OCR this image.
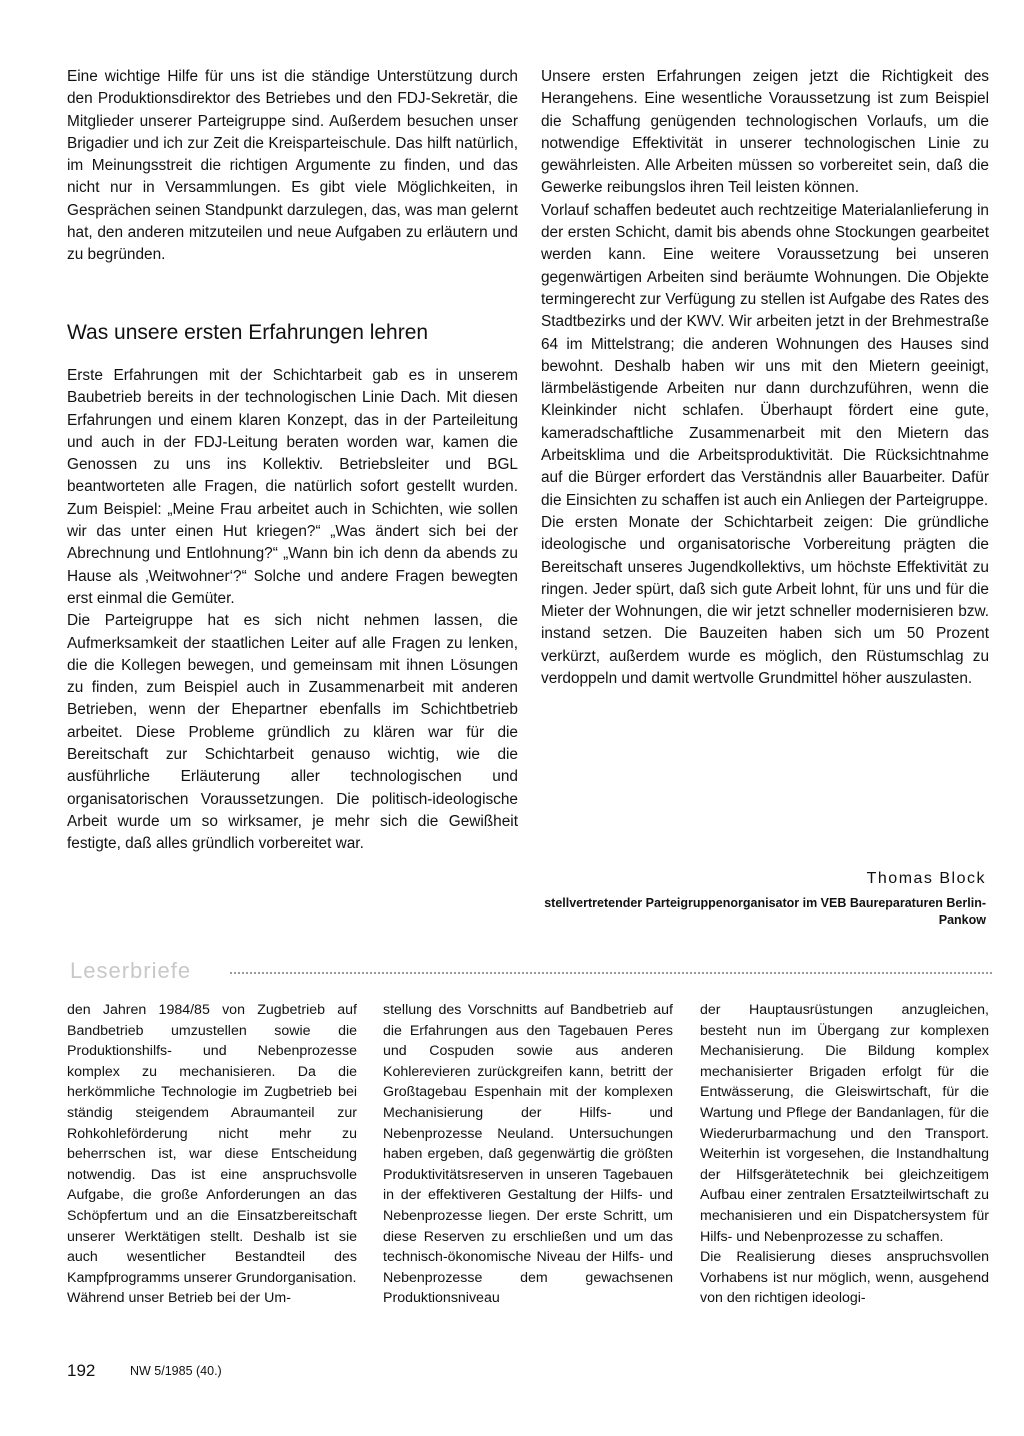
Eine wichtige Hilfe für uns ist die ständige Unterstützung durch den Produktionsdirektor des Betriebes und den FDJ-Sekretär, die Mitglieder unserer Parteigruppe sind. Außerdem besuchen unser Brigadier und ich zur Zeit die Kreisparteischule. Das hilft natürlich, im Meinungsstreit die richtigen Argumente zu finden, und das nicht nur in Versammlungen. Es gibt viele Möglichkeiten, in Gesprächen seinen Standpunkt darzulegen, das, was man gelernt hat, den anderen mitzuteilen und neue Aufgaben zu erläutern und zu begründen.

Was unsere ersten Erfahrungen lehren

Erste Erfahrungen mit der Schichtarbeit gab es in unserem Baubetrieb bereits in der technologischen Linie Dach. Mit diesen Erfahrungen und einem klaren Konzept, das in der Parteileitung und auch in der FDJ-Leitung beraten worden war, kamen die Genossen zu uns ins Kollektiv. Betriebsleiter und BGL beantworteten alle Fragen, die natürlich sofort gestellt wurden. Zum Beispiel: „Meine Frau arbeitet auch in Schichten, wie sollen wir das unter einen Hut kriegen?“ „Was ändert sich bei der Abrechnung und Entlohnung?“ „Wann bin ich denn da abends zu Hause als ‚Weitwohner‘?“ Solche und andere Fragen bewegten erst einmal die Gemüter.

Die Parteigruppe hat es sich nicht nehmen lassen, die Aufmerksamkeit der staatlichen Leiter auf alle Fragen zu lenken, die die Kollegen bewegen, und gemeinsam mit ihnen Lösungen zu finden, zum Beispiel auch in Zusammenarbeit mit anderen Betrieben, wenn der Ehepartner ebenfalls im Schichtbetrieb arbeitet. Diese Probleme gründlich zu klären war für die Bereitschaft zur Schichtarbeit genauso wichtig, wie die ausführliche Erläuterung aller technologischen und organisatorischen Voraussetzungen. Die politisch-ideologische Arbeit wurde um so wirksamer, je mehr sich die Gewißheit festigte, daß alles gründlich vorbereitet war.

Unsere ersten Erfahrungen zeigen jetzt die Richtigkeit des Herangehens. Eine wesentliche Voraussetzung ist zum Beispiel die Schaffung genügenden technologischen Vorlaufs, um die notwendige Effektivität in unserer technologischen Linie zu gewährleisten. Alle Arbeiten müssen so vorbereitet sein, daß die Gewerke reibungslos ihren Teil leisten können.

Vorlauf schaffen bedeutet auch rechtzeitige Materialanlieferung in der ersten Schicht, damit bis abends ohne Stockungen gearbeitet werden kann. Eine weitere Voraussetzung bei unseren gegenwärtigen Arbeiten sind beräumte Wohnungen. Die Objekte termingerecht zur Verfügung zu stellen ist Aufgabe des Rates des Stadtbezirks und der KWV. Wir arbeiten jetzt in der Brehmestraße 64 im Mittelstrang; die anderen Wohnungen des Hauses sind bewohnt. Deshalb haben wir uns mit den Mietern geeinigt, lärmbelästigende Arbeiten nur dann durchzuführen, wenn die Kleinkinder nicht schlafen. Überhaupt fördert eine gute, kameradschaftliche Zusammenarbeit mit den Mietern das Arbeitsklima und die Arbeitsproduktivität. Die Rücksichtnahme auf die Bürger erfordert das Verständnis aller Bauarbeiter. Dafür die Einsichten zu schaffen ist auch ein Anliegen der Parteigruppe.

Die ersten Monate der Schichtarbeit zeigen: Die gründliche ideologische und organisatorische Vorbereitung prägten die Bereitschaft unseres Jugendkollektivs, um höchste Effektivität zu ringen. Jeder spürt, daß sich gute Arbeit lohnt, für uns und für die Mieter der Wohnungen, die wir jetzt schneller modernisieren bzw. instand setzen. Die Bauzeiten haben sich um 50 Prozent verkürzt, außerdem wurde es möglich, den Rüstumschlag zu verdoppeln und damit wertvolle Grundmittel höher auszulasten.

Thomas Block
stellvertretender Parteigruppenorganisator im VEB Baureparaturen Berlin-Pankow
Leserbriefe

den Jahren 1984/85 von Zugbetrieb auf Bandbetrieb umzustellen sowie die Produktionshilfs- und Nebenprozesse komplex zu mechanisieren. Da die herkömmliche Technologie im Zugbetrieb bei ständig steigendem Abraumanteil zur Rohkohleförderung nicht mehr zu beherrschen ist, war diese Entscheidung notwendig. Das ist eine anspruchsvolle Aufgabe, die große Anforderungen an das Schöpfertum und an die Einsatzbereitschaft unserer Werktätigen stellt. Deshalb ist sie auch wesentlicher Bestandteil des Kampfprogramms unserer Grundorganisation.

Während unser Betrieb bei der Um-

stellung des Vorschnitts auf Bandbetrieb auf die Erfahrungen aus den Tagebauen Peres und Cospuden sowie aus anderen Kohlerevieren zurückgreifen kann, betritt der Großtagebau Espenhain mit der komplexen Mechanisierung der Hilfs- und Nebenprozesse Neuland. Untersuchungen haben ergeben, daß gegenwärtig die größten Produktivitätsreserven in unseren Tagebauen in der effektiveren Gestaltung der Hilfs- und Nebenprozesse liegen. Der erste Schritt, um diese Reserven zu erschließen und um das technisch-ökonomische Niveau der Hilfs- und Nebenprozesse dem gewachsenen Produktionsniveau

der Hauptausrüstungen anzugleichen, besteht nun im Übergang zur komplexen Mechanisierung. Die Bildung komplex mechanisierter Brigaden erfolgt für die Entwässerung, die Gleiswirtschaft, für die Wartung und Pflege der Bandanlagen, für die Wiederurbarmachung und den Transport. Weiterhin ist vorgesehen, die Instandhaltung der Hilfsgerätetechnik bei gleichzeitigem Aufbau einer zentralen Ersatzteilwirtschaft zu mechanisieren und ein Dispatchersystem für Hilfs- und Nebenprozesse zu schaffen.

Die Realisierung dieses anspruchsvollen Vorhabens ist nur möglich, wenn, ausgehend von den richtigen ideologi-

192	NW 5/1985 (40.)
